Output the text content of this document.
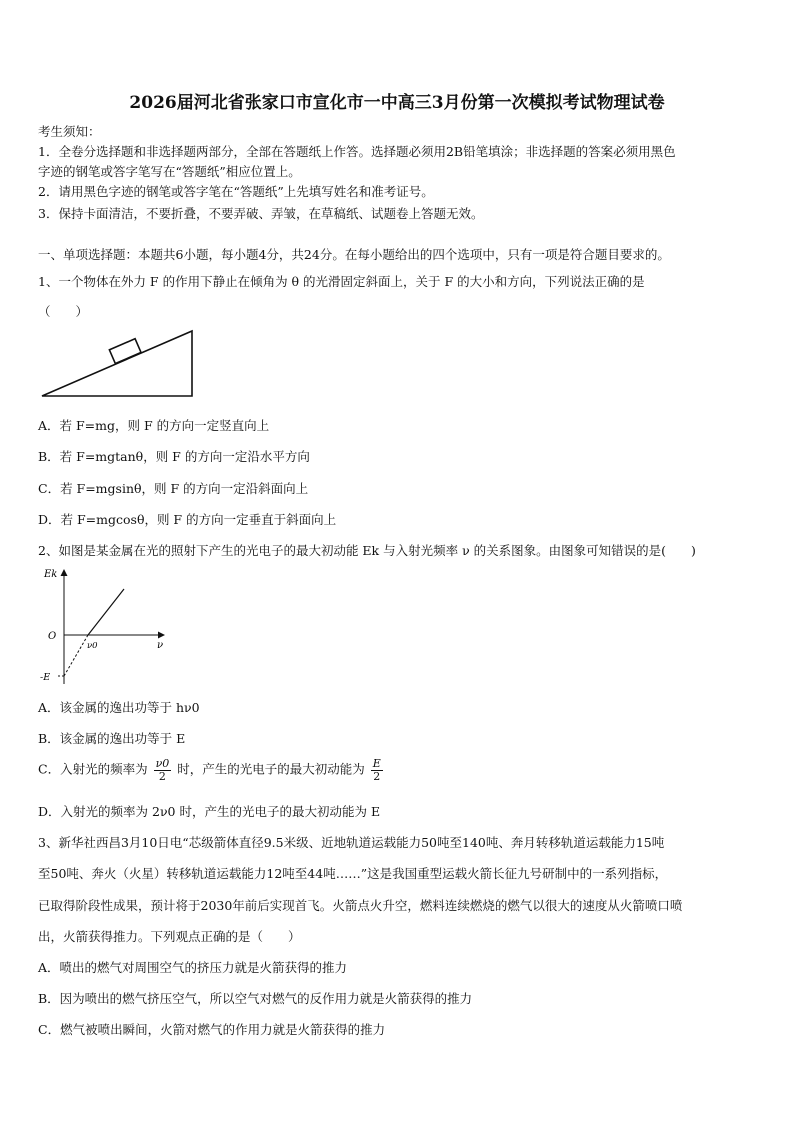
2026届河北省张家口市宣化市一中高三3月份第一次模拟考试物理试卷
考生须知：
1．全卷分选择题和非选择题两部分，全部在答题纸上作答。选择题必须用2B铅笔填涂；非选择题的答案必须用黑色
字迹的钢笔或答字笔写在“答题纸”相应位置上。
2．请用黑色字迹的钢笔或答字笔在“答题纸”上先填写姓名和准考证号。
3．保持卡面清洁，不要折叠，不要弄破、弄皱，在草稿纸、试题卷上答题无效。
一、单项选择题：本题共6小题，每小题4分，共24分。在每小题给出的四个选项中，只有一项是符合题目要求的。
1、一个物体在外力 F 的作用下静止在倾角为 θ 的光滑固定斜面上，关于 F 的大小和方向，下列说法正确的是
（　　）
A．若 F=mg，则 F 的方向一定竖直向上
B．若 F=mgtanθ，则 F 的方向一定沿水平方向
C．若 F=mgsinθ，则 F 的方向一定沿斜面向上
D．若 F=mgcosθ，则 F 的方向一定垂直于斜面向上
2、如图是某金属在光的照射下产生的光电子的最大初动能 Ek 与入射光频率 ν 的关系图象。由图象可知错误的是(　　)
Ek
O
ν0	ν
-E
A．该金属的逸出功等于 hν0
B．该金属的逸出功等于 E
C．入射光的频率为 $\frac{\nu 0}{2}$ 时，产生的光电子的最大初动能为 $\frac{E}{2}$
D．入射光的频率为 2ν0 时，产生的光电子的最大初动能为 E
3、新华社西昌3月10日电“芯级箭体直径9.5米级、近地轨道运载能力50吨至140吨、奔月转移轨道运载能力15吨
至50吨、奔火（火星）转移轨道运载能力12吨至44吨……”这是我国重型运载火箭长征九号研制中的一系列指标，
已取得阶段性成果，预计将于2030年前后实现首飞。火箭点火升空，燃料连续燃烧的燃气以很大的速度从火箭喷口喷
出，火箭获得推力。下列观点正确的是（　　）
A．喷出的燃气对周围空气的挤压力就是火箭获得的推力
B．因为喷出的燃气挤压空气，所以空气对燃气的反作用力就是火箭获得的推力
C．燃气被喷出瞬间，火箭对燃气的作用力就是火箭获得的推力
